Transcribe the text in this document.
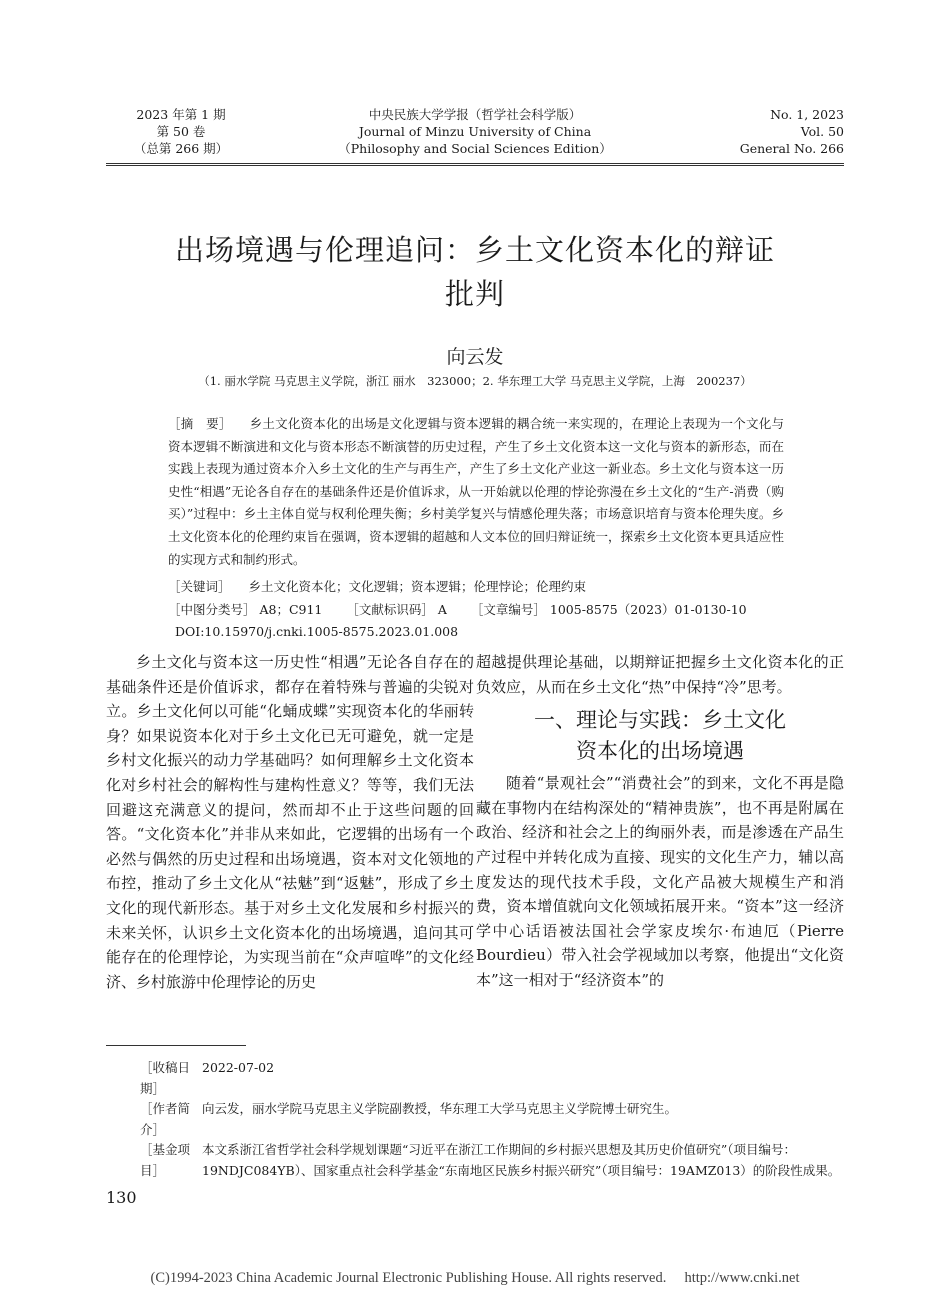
2023 年第 1 期
第 50 卷
（总第 266 期）
中央民族大学学报（哲学社会科学版）
Journal of Minzu University of China
（Philosophy and Social Sciences Edition）
No. 1, 2023
Vol. 50
General No. 266
出场境遇与伦理追问：乡土文化资本化的辩证
批判
向云发
（1. 丽水学院 马克思主义学院，浙江 丽水　323000；2. 华东理工大学 马克思主义学院，上海　200237）
［摘　要］ 乡土文化资本化的出场是文化逻辑与资本逻辑的耦合统一来实现的，在理论上表现为一个文化与资本逻辑不断演进和文化与资本形态不断演替的历史过程，产生了乡土文化资本这一文化与资本的新形态，而在实践上表现为通过资本介入乡土文化的生产与再生产，产生了乡土文化产业这一新业态。乡土文化与资本这一历史性“相遇”无论各自存在的基础条件还是价值诉求，从一开始就以伦理的悖论弥漫在乡土文化的“生产-消费（购买）”过程中：乡土主体自觉与权利伦理失衡；乡村美学复兴与情感伦理失落；市场意识培育与资本伦理失度。乡土文化资本化的伦理约束旨在强调，资本逻辑的超越和人文本位的回归辩证统一，探索乡土文化资本更具适应性的实现方式和制约形式。
［关键词］ 乡土文化资本化；文化逻辑；资本逻辑；伦理悖论；伦理约束
［中图分类号］ A8；C911 ［文献标识码］ A ［文章编号］ 1005-8575（2023）01-0130-10
DOI:10.15970/j.cnki.1005-8575.2023.01.008

乡土文化与资本这一历史性“相遇”无论各自存在的基础条件还是价值诉求，都存在着特殊与普遍的尖锐对立。乡土文化何以可能“化蛹成蝶”实现资本化的华丽转身？如果说资本化对于乡土文化已无可避免，就一定是乡村文化振兴的动力学基础吗？如何理解乡土文化资本化对乡村社会的解构性与建构性意义？等等，我们无法回避这充满意义的提问，然而却不止于这些问题的回答。“文化资本化”并非从来如此，它逻辑的出场有一个必然与偶然的历史过程和出场境遇，资本对文化领地的布控，推动了乡土文化从“祛魅”到“返魅”，形成了乡土文化的现代新形态。基于对乡土文化发展和乡村振兴的未来关怀，认识乡土文化资本化的出场境遇，追问其可能存在的伦理悖论，为实现当前在“众声喧哗”的文化经济、乡村旅游中伦理悖论的历史

超越提供理论基础，以期辩证把握乡土文化资本化的正负效应，从而在乡土文化“热”中保持“冷”思考。

一、理论与实践：乡土文化
资本化的出场境遇

随着“景观社会”“消费社会”的到来，文化不再是隐藏在事物内在结构深处的“精神贵族”，也不再是附属在政治、经济和社会之上的绚丽外表，而是渗透在产品生产过程中并转化成为直接、现实的文化生产力，辅以高度发达的现代技术手段，文化产品被大规模生产和消费，资本增值就向文化领域拓展开来。“资本”这一经济学中心话语被法国社会学家皮埃尔·布迪厄（Pierre Bourdieu）带入社会学视域加以考察，他提出“文化资本”这一相对于“经济资本”的

［收稿日期］
2022-07-02
［作者简介］
向云发，丽水学院马克思主义学院副教授，华东理工大学马克思主义学院博士研究生。
［基金项目］
本文系浙江省哲学社会科学规划课题“习近平在浙江工作期间的乡村振兴思想及其历史价值研究”（项目编号：19NDJC084YB）、国家重点社会科学基金“东南地区民族乡村振兴研究”（项目编号：19AMZ013）的阶段性成果。
130
(C)1994-2023 China Academic Journal Electronic Publishing House. All rights reserved.　 http://www.cnki.net
